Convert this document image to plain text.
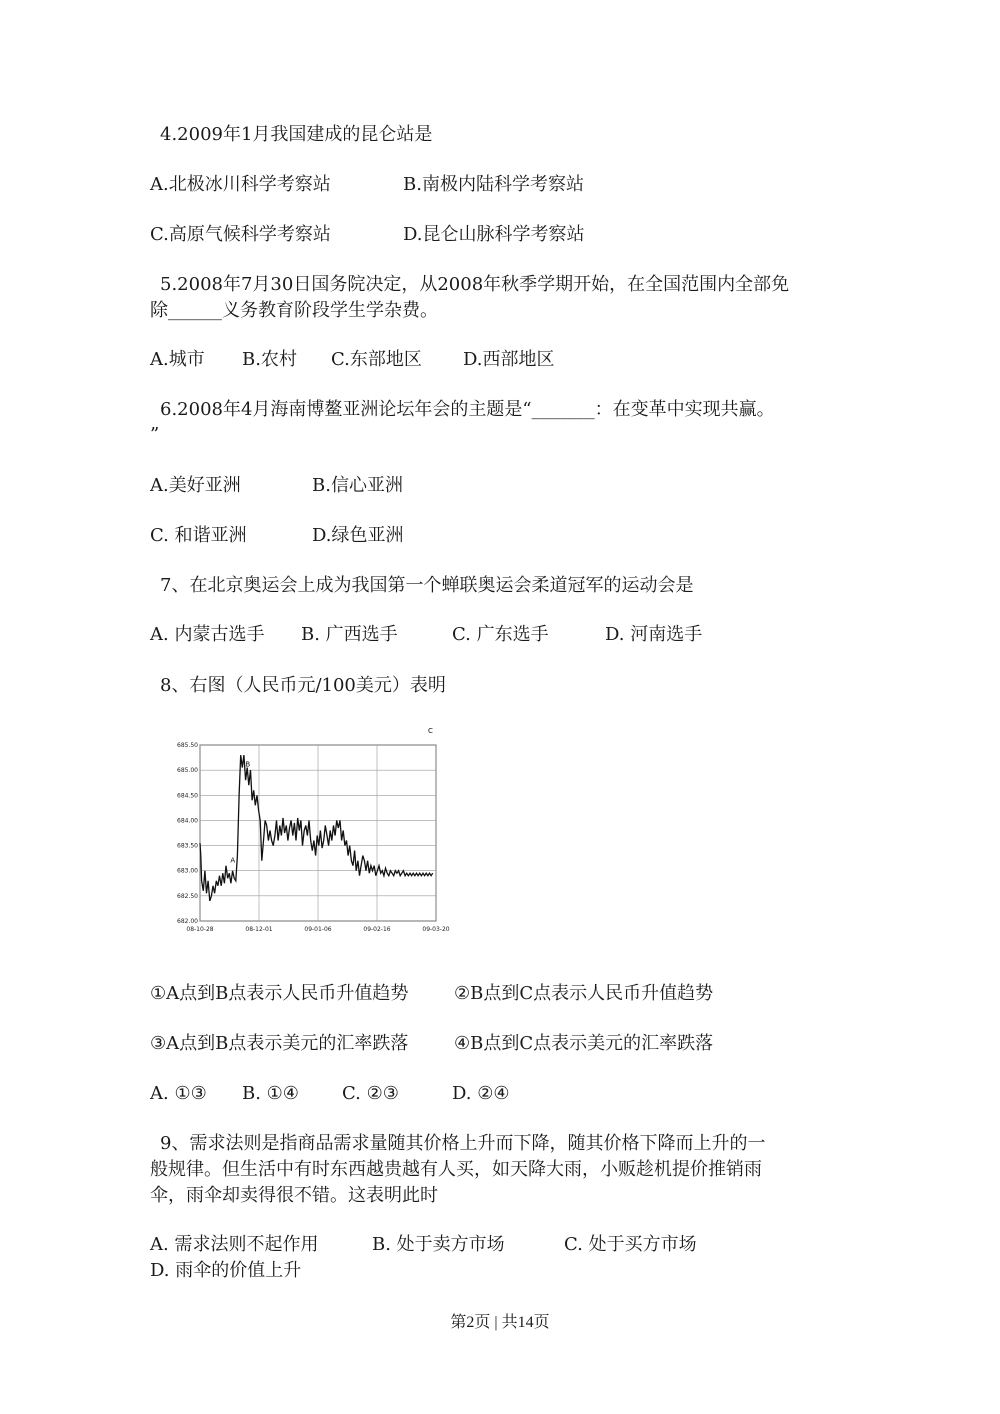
4.2009年1月我国建成的昆仑站是
A.北极冰川科学考察站	B.南极内陆科学考察站
C.高原气候科学考察站	D.昆仑山脉科学考察站
5.2008年7月30日国务院决定，从2008年秋季学期开始，在全国范围内全部免
除______义务教育阶段学生学杂费。
A.城市 B.农村 C.东部地区 D.西部地区
6.2008年4月海南博鳌亚洲论坛年会的主题是“_______：在变革中实现共赢。
”
A.美好亚洲	B.信心亚洲
C. 和谐亚洲	D.绿色亚洲
7、在北京奥运会上成为我国第一个蝉联奥运会柔道冠军的运动会是
A. 内蒙古选手 B. 广西选手	C. 广东选手	D. 河南选手
8、右图（人民币元/100美元）表明
685.50
685.00
684.50
684.00
683.50
683.00
682.50
682.00
08-10-28	08-12-01	09-01-06	09-02-16	09-03-20
A
B
C
①A点到B点表示人民币升值趋势	②B点到C点表示人民币升值趋势
③A点到B点表示美元的汇率跌落	④B点到C点表示美元的汇率跌落
A. ①③ B. ①④ C. ②③	D. ②④
9、需求法则是指商品需求量随其价格上升而下降，随其价格下降而上升的一
般规律。但生活中有时东西越贵越有人买，如天降大雨，小贩趁机提价推销雨
伞，雨伞却卖得很不错。这表明此时
A. 需求法则不起作用	B. 处于卖方市场	C. 处于买方市场
D. 雨伞的价值上升
第2页 | 共14页
